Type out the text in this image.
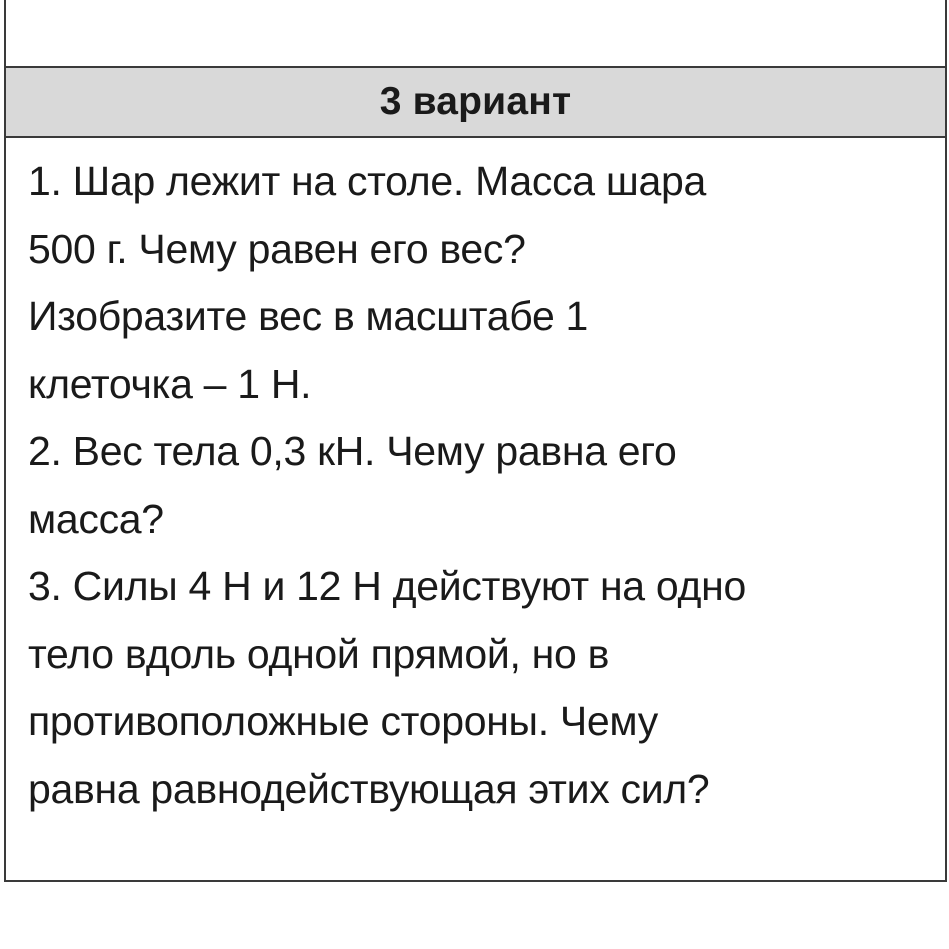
3 вариант
1. Шар лежит на столе. Масса шара
500 г. Чему равен его вес?
Изобразите вес в масштабе 1
клеточка – 1 Н.
2. Вес тела 0,3 кН. Чему равна его
масса?
3. Силы 4 Н и 12 Н действуют на одно
тело вдоль одной прямой, но в
противоположные стороны. Чему
равна равнодействующая этих сил?
